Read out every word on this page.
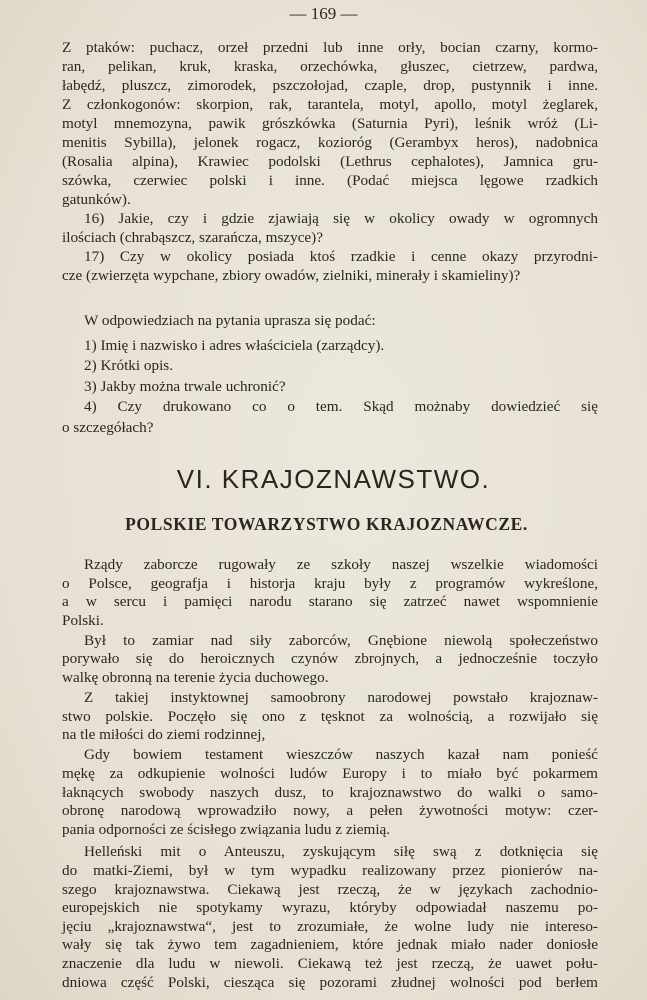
— 169 —
Z ptaków: puchacz, orzeł przedni lub inne orły, bocian czarny, kormo-
ran, pelikan, kruk, kraska, orzechówka, głuszec, cietrzew, pardwa,
łabędź, pluszcz, zimorodek, pszczołojad, czaple, drop, pustynnik i inne.
Z członkogonów: skorpion, rak, tarantela, motyl, apollo, motyl żeglarek,
motyl mnemozyna, pawik grószkówka (Saturnia Pyri), leśnik wróż (Li-
menitis Sybilla), jelonek rogacz, kozioróg (Gerambyx heros), nadobnica
(Rosalia alpina), Krawiec podolski (Lethrus cephalotes), Jamnica gru-
szówka, czerwiec polski i inne. (Podać miejsca lęgowe rzadkich
gatunków).
16) Jakie, czy i gdzie zjawiają się w okolicy owady w ogromnych
ilościach (chrabąszcz, szarańcza, mszyce)?
17) Czy w okolicy posiada ktoś rzadkie i cenne okazy przyrodni-
cze (zwierzęta wypchane, zbiory owadów, zielniki, minerały i skamieliny)?
W odpowiedziach na pytania uprasza się podać:
1) Imię i nazwisko i adres właściciela (zarządcy).
2) Krótki opis.
3) Jakby można trwale uchronić?
4) Czy drukowano co o tem. Skąd możnaby dowiedzieć się
o szczegółach?
VI. KRAJOZNAWSTWO.
POLSKIE TOWARZYSTWO KRAJOZNAWCZE.
Rządy zaborcze rugowały ze szkoły naszej wszelkie wiadomości
o Polsce, geografja i historja kraju były z programów wykreślone,
a w sercu i pamięci narodu starano się zatrzeć nawet wspomnienie
Polski.
Był to zamiar nad siły zaborców, Gnębione niewolą społeczeństwo
porywało się do heroicznych czynów zbrojnych, a jednocześnie toczyło
walkę obronną na terenie życia duchowego.
Z takiej instyktownej samoobrony narodowej powstało krajoznaw-
stwo polskie. Poczęło się ono z tęsknot za wolnością, a rozwijało się
na tle miłości do ziemi rodzinnej,
Gdy bowiem testament wieszczów naszych kazał nam ponieść
mękę za odkupienie wolności ludów Europy i to miało być pokarmem
łaknących swobody naszych dusz, to krajoznawstwo do walki o samo-
obronę narodową wprowadziło nowy, a pełen żywotności motyw: czer-
pania odporności ze ścisłego związania ludu z ziemią.
Helleński mit o Anteuszu, zyskującym siłę swą z dotknięcia się
do matki-Ziemi, był w tym wypadku realizowany przez pionierów na-
szego krajoznawstwa. Ciekawą jest rzeczą, że w językach zachodnio-
europejskich nie spotykamy wyrazu, któryby odpowiadał naszemu po-
jęciu „krajoznawstwa“, jest to zrozumiałe, że wolne ludy nie intereso-
wały się tak żywo tem zagadnieniem, które jednak miało nader doniosłe
znaczenie dla ludu w niewoli. Ciekawą też jest rzeczą, że uawet połu-
dniowa część Polski, ciesząca się pozorami złudnej wolności pod berłem
